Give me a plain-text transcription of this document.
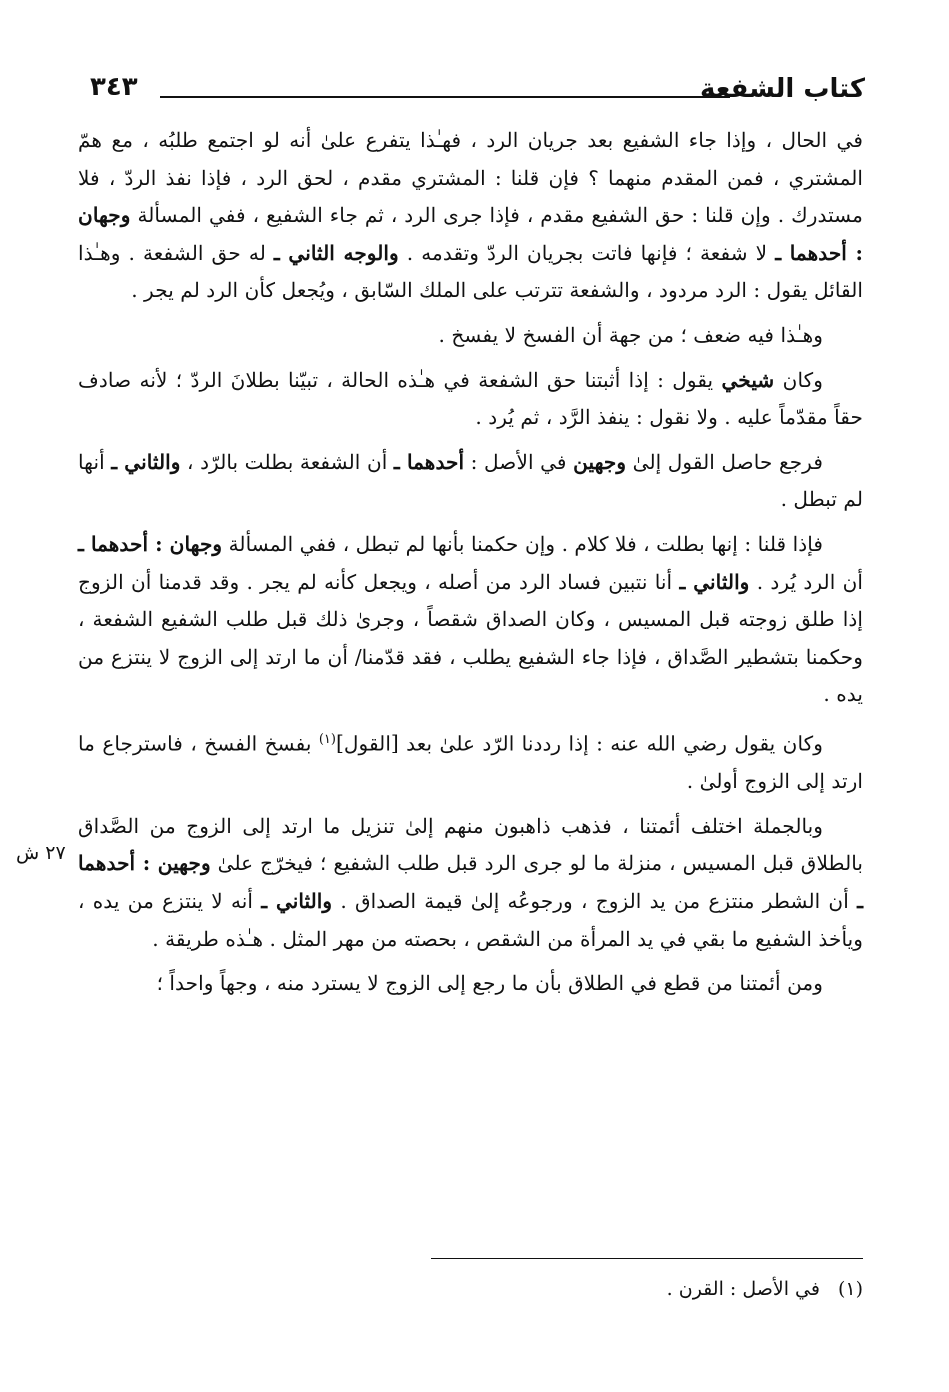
كتاب الشفعة
٣٤٣

في الحال ، وإذا جاء الشفيع بعد جريان الرد ، فهـٰذا يتفرع علىٰ أنه لو اجتمع طلبُه ، مع همّ المشتري ، فمن المقدم منهما ؟ فإن قلنا : المشتري مقدم ، لحق الرد ، فإذا نفذ الردّ ، فلا مستدرك . وإن قلنا : حق الشفيع مقدم ، فإذا جرى الرد ، ثم جاء الشفيع ، ففي المسألة وجهان : أحدهما ـ لا شفعة ؛ فإنها فاتت بجريان الردّ وتقدمه . والوجه الثاني ـ له حق الشفعة . وهـٰذا القائل يقول : الرد مردود ، والشفعة تترتب على الملك السّابق ، ويُجعل كأن الرد لم يجر .

وهـٰذا فيه ضعف ؛ من جهة أن الفسخ لا يفسخ .

وكان شيخي يقول : إذا أثبتنا حق الشفعة في هـٰذه الحالة ، تبيّنا بطلانَ الردّ ؛ لأنه صادف حقاً مقدّماً عليه . ولا نقول : ينفذ الرَّد ، ثم يُرد .

فرجع حاصل القول إلىٰ وجهين في الأصل : أحدهما ـ أن الشفعة بطلت بالرّد ، والثاني ـ أنها لم تبطل .

فإذا قلنا : إنها بطلت ، فلا كلام . وإن حكمنا بأنها لم تبطل ، ففي المسألة وجهان : أحدهما ـ أن الرد يُرد . والثاني ـ أنا نتبين فساد الرد من أصله ، ويجعل كأنه لم يجر . وقد قدمنا أن الزوج إذا طلق زوجته قبل المسيس ، وكان الصداق شقصاً ، وجرىٰ ذلك قبل طلب الشفيع الشفعة ، وحكمنا بتشطير الصَّداق ، فإذا جاء الشفيع يطلب ، فقد قدّمنا/ أن ما ارتد إلى الزوج لا ينتزع من يده .

وكان يقول رضي الله عنه : إذا رددنا الرّد علىٰ بعد [القول]$^{(١)}$ بفسخ الفسخ ، فاسترجاع ما ارتد إلى الزوج أولىٰ .

وبالجملة اختلف أئمتنا ، فذهب ذاهبون منهم إلىٰ تنزيل ما ارتد إلى الزوج من الصَّداق بالطلاق قبل المسيس ، منزلة ما لو جرى الرد قبل طلب الشفيع ؛ فيخرّج علىٰ وجهين : أحدهما ـ أن الشطر منتزع من يد الزوج ، ورجوعُه إلىٰ قيمة الصداق . والثاني ـ أنه لا ينتزع من يده ، ويأخذ الشفيع ما بقي في يد المرأة من الشقص ، بحصته من مهر المثل . هـٰذه طريقة .

ومن أئمتنا من قطع في الطلاق بأن ما رجع إلى الزوج لا يسترد منه ، وجهاً واحداً ؛

٢٧ ش
(١)في الأصل : القرن .
